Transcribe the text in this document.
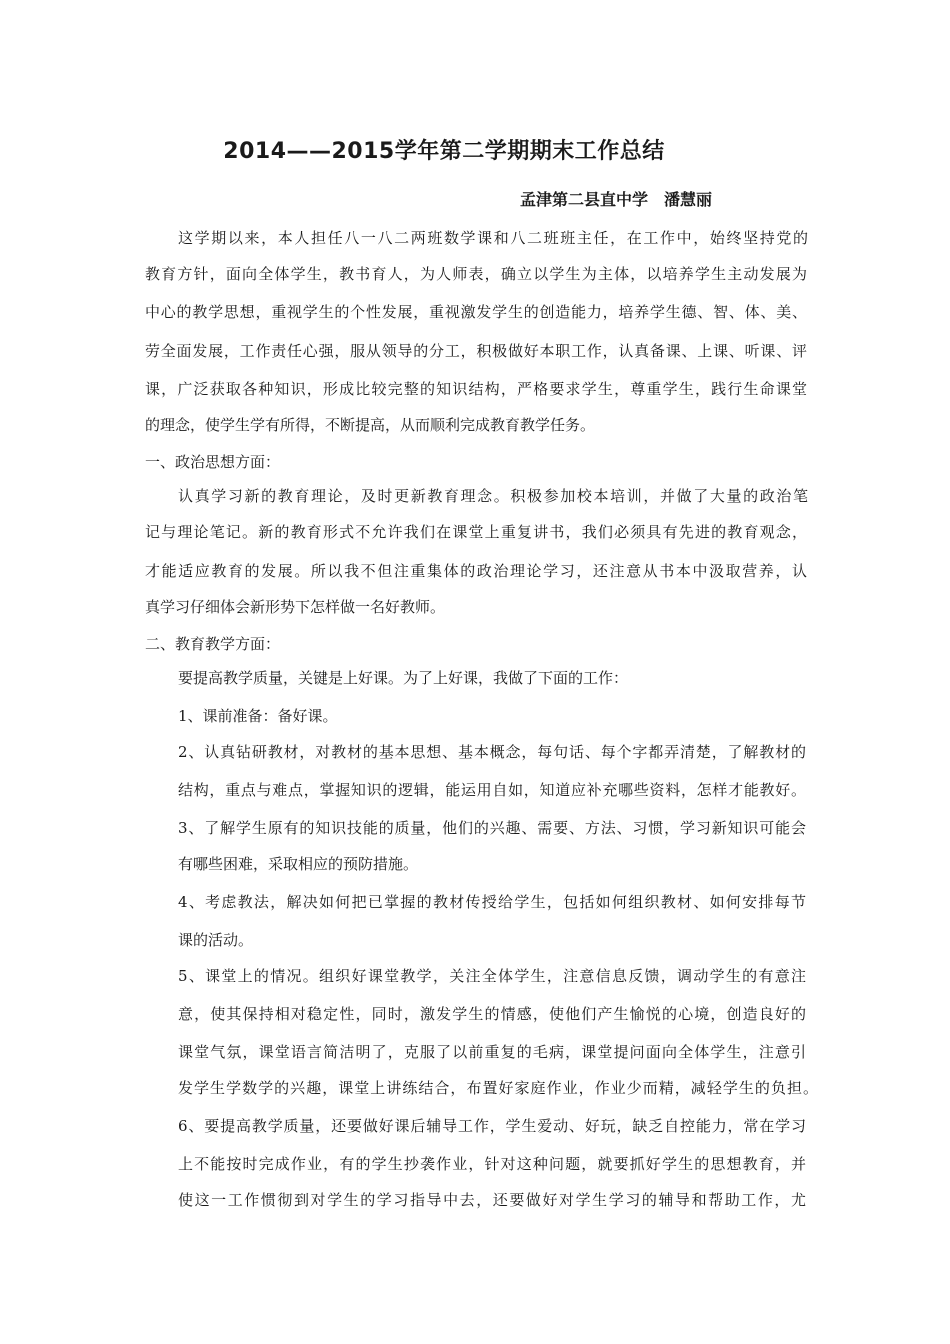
2014——2015学年第二学期期末工作总结
孟津第二县直中学　潘慧丽
这学期以来，本人担任八一八二两班数学课和八二班班主任，在工作中，始终坚持党的
教育方针，面向全体学生，教书育人，为人师表，确立以学生为主体，以培养学生主动发展为
中心的教学思想，重视学生的个性发展，重视激发学生的创造能力，培养学生德、智、体、美、
劳全面发展，工作责任心强，服从领导的分工，积极做好本职工作，认真备课、上课、听课、评
课，广泛获取各种知识，形成比较完整的知识结构，严格要求学生，尊重学生，践行生命课堂
的理念，使学生学有所得，不断提高，从而顺利完成教育教学任务。
一、政治思想方面：
认真学习新的教育理论，及时更新教育理念。积极参加校本培训，并做了大量的政治笔
记与理论笔记。新的教育形式不允许我们在课堂上重复讲书，我们必须具有先进的教育观念，
才能适应教育的发展。所以我不但注重集体的政治理论学习，还注意从书本中汲取营养，认
真学习仔细体会新形势下怎样做一名好教师。
二、教育教学方面：
要提高教学质量，关键是上好课。为了上好课，我做了下面的工作：
1、课前准备：备好课。
2、认真钻研教材，对教材的基本思想、基本概念，每句话、每个字都弄清楚，了解教材的
结构，重点与难点，掌握知识的逻辑，能运用自如，知道应补充哪些资料，怎样才能教好。
3、了解学生原有的知识技能的质量，他们的兴趣、需要、方法、习惯，学习新知识可能会
有哪些困难，采取相应的预防措施。
4、考虑教法，解决如何把已掌握的教材传授给学生，包括如何组织教材、如何安排每节
课的活动。
5、课堂上的情况。组织好课堂教学，关注全体学生，注意信息反馈，调动学生的有意注
意，使其保持相对稳定性，同时，激发学生的情感，使他们产生愉悦的心境，创造良好的
课堂气氛，课堂语言简洁明了，克服了以前重复的毛病，课堂提问面向全体学生，注意引
发学生学数学的兴趣，课堂上讲练结合，布置好家庭作业，作业少而精，减轻学生的负担。
6、要提高教学质量，还要做好课后辅导工作，学生爱动、好玩，缺乏自控能力，常在学习
上不能按时完成作业，有的学生抄袭作业，针对这种问题，就要抓好学生的思想教育，并
使这一工作惯彻到对学生的学习指导中去，还要做好对学生学习的辅导和帮助工作，尤
